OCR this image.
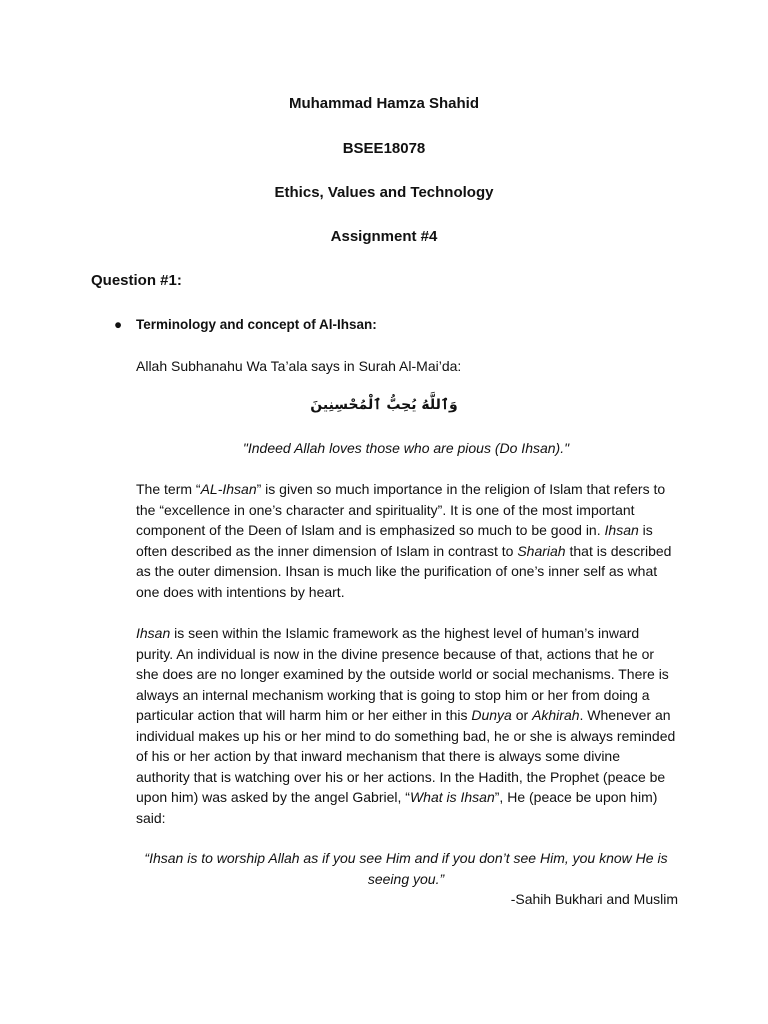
Muhammad Hamza Shahid
BSEE18078
Ethics, Values and Technology
Assignment #4
Question #1:
● Terminology and concept of Al-Ihsan:
Allah Subhanahu Wa Ta’ala says in Surah Al-Mai’da:
وَٱللَّهُ يُحِبُّ ٱلْمُحْسِنِينَ
"Indeed Allah loves those who are pious (Do Ihsan)."
The term “AL-Ihsan” is given so much importance in the religion of Islam that refers to the “excellence in one’s character and spirituality”. It is one of the most important component of the Deen of Islam and is emphasized so much to be good in. Ihsan is often described as the inner dimension of Islam in contrast to Shariah that is described as the outer dimension. Ihsan is much like the purification of one’s inner self as what one does with intentions by heart.
Ihsan is seen within the Islamic framework as the highest level of human’s inward purity. An individual is now in the divine presence because of that, actions that he or she does are no longer examined by the outside world or social mechanisms. There is always an internal mechanism working that is going to stop him or her from doing a particular action that will harm him or her either in this Dunya or Akhirah. Whenever an individual makes up his or her mind to do something bad, he or she is always reminded of his or her action by that inward mechanism that there is always some divine authority that is watching over his or her actions. In the Hadith, the Prophet (peace be upon him) was asked by the angel Gabriel, “What is Ihsan”, He (peace be upon him) said:
“Ihsan is to worship Allah as if you see Him and if you don’t see Him, you know He is seeing you.”
-Sahih Bukhari and Muslim
